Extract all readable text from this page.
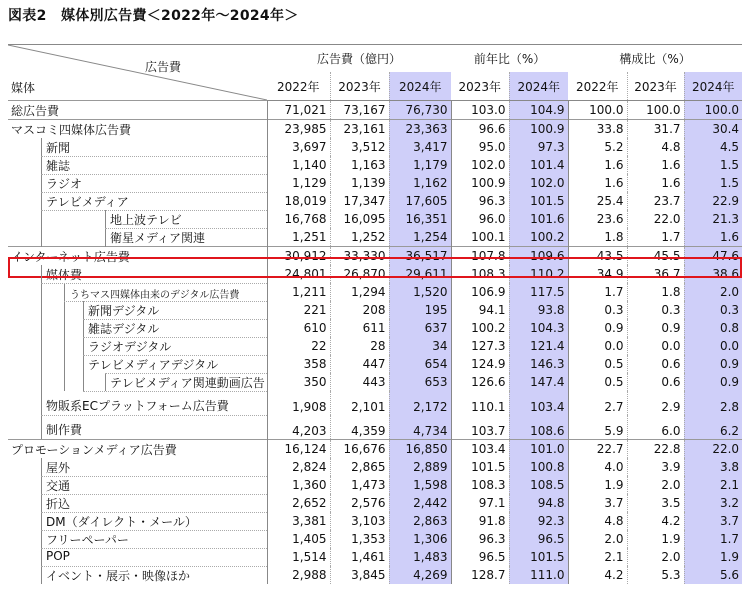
図表2　媒体別広告費＜2022年～2024年＞
広告費
媒体	広告費（億円）			前年比（%）		構成比（%）		
	2022年	2023年	2024年	2023年	2024年	2022年	2023年	2024年

総広告費	71,021	73,167	76,730	103.0	104.9	100.0	100.0	100.0

マスコミ四媒体広告費	23,985	23,161	23,363	96.6	100.9	33.8	31.7	30.4

新聞	3,697	3,512	3,417	95.0	97.3	5.2	4.8	4.5

雑誌	1,140	1,163	1,179	102.0	101.4	1.6	1.6	1.5

ラジオ	1,129	1,139	1,162	100.9	102.0	1.6	1.6	1.5

テレビメディア	18,019	17,347	17,605	96.3	101.5	25.4	23.7	22.9

地上波テレビ	16,768	16,095	16,351	96.0	101.6	23.6	22.0	21.3

衛星メディア関連	1,251	1,252	1,254	100.1	100.2	1.8	1.7	1.6

インターネット広告費	30,912	33,330	36,517	107.8	109.6	43.5	45.5	47.6

媒体費	24,801	26,870	29,611	108.3	110.2	34.9	36.7	38.6

うちマス四媒体由来のデジタル広告費	1,211	1,294	1,520	106.9	117.5	1.7	1.8	2.0

新聞デジタル	221	208	195	94.1	93.8	0.3	0.3	0.3

雑誌デジタル	610	611	637	100.2	104.3	0.9	0.9	0.8

ラジオデジタル	22	28	34	127.3	121.4	0.0	0.0	0.0

テレビメディアデジタル	358	447	654	124.9	146.3	0.5	0.6	0.9

テレビメディア関連動画広告	350	443	653	126.6	147.4	0.5	0.6	0.9

物販系ECプラットフォーム広告費	1,908	2,101	2,172	110.1	103.4	2.7	2.9	2.8

制作費	4,203	4,359	4,734	103.7	108.6	5.9	6.0	6.2

プロモーションメディア広告費	16,124	16,676	16,850	103.4	101.0	22.7	22.8	22.0

屋外	2,824	2,865	2,889	101.5	100.8	4.0	3.9	3.8

交通	1,360	1,473	1,598	108.3	108.5	1.9	2.0	2.1

折込	2,652	2,576	2,442	97.1	94.8	3.7	3.5	3.2

DM（ダイレクト・メール）	3,381	3,103	2,863	91.8	92.3	4.8	4.2	3.7

フリーペーパー	1,405	1,353	1,306	96.3	96.5	2.0	1.9	1.7

POP	1,514	1,461	1,483	96.5	101.5	2.1	2.0	1.9

イベント・展示・映像ほか	2,988	3,845	4,269	128.7	111.0	4.2	5.3	5.6
